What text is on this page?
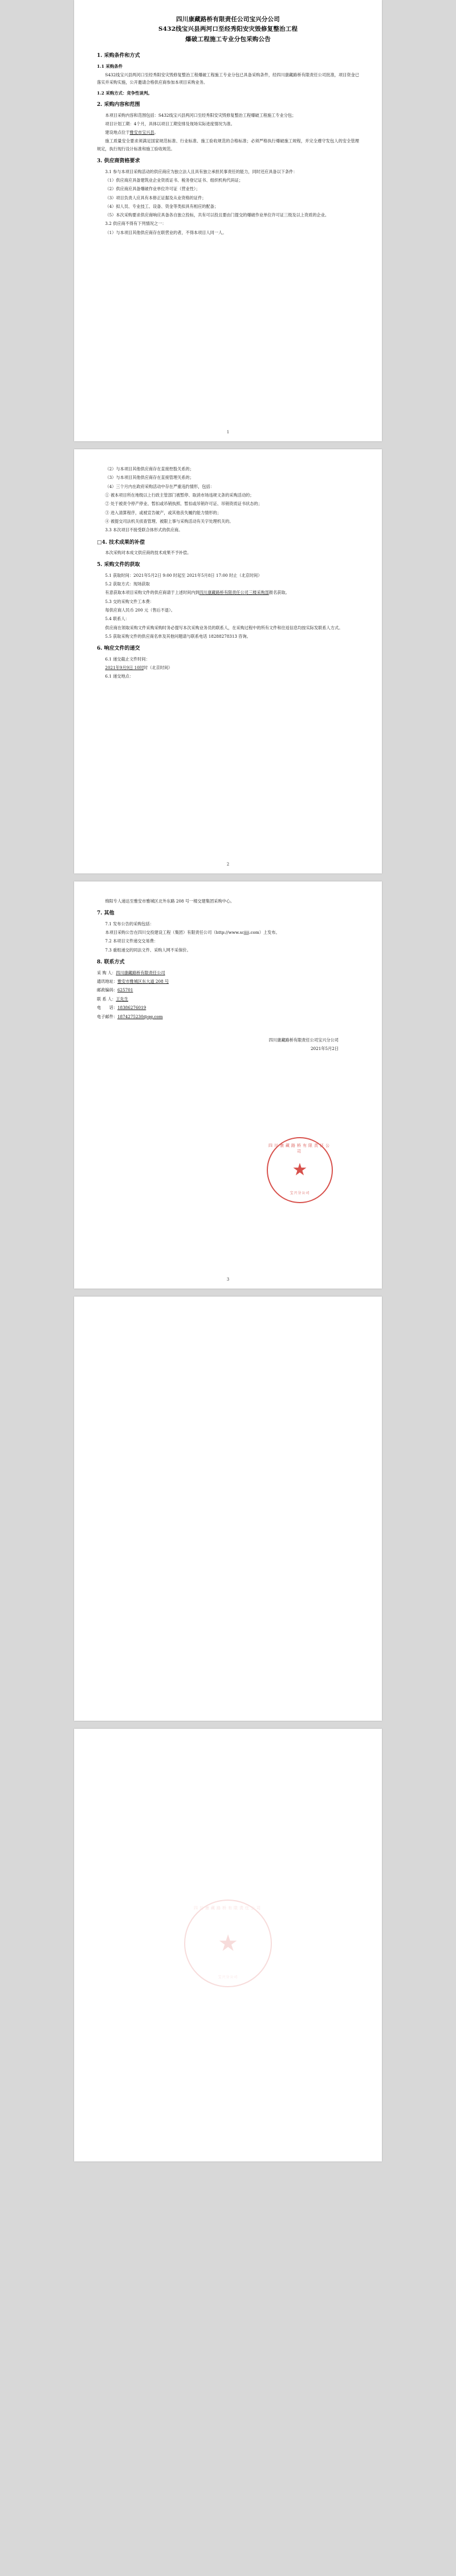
四川康藏路桥有限责任公司宝兴分公司
S432线宝兴县两河口至经秀阳安灾毁修复整治工程
爆破工程施工专业分包采购公告
1. 采购条件和方式
1.1 采购条件

S432线宝兴县两河口至经秀阳安灾毁修复整治工程爆破工程施工专业分包已具备采购条件，经四川康藏路桥有限责任公司批准，项目资金已落实并采购实施，公开邀请合格供应商参加本项目采购业务。

1.2 采购方式：竞争性谈判。
2. 采购内容和范围

本项目采购内容和范围包括：S432线宝兴县两河口至经秀阳安灾毁修复整治工程爆破工程施工专业分包；

项目计划工期：4个月，具体以项目工期安排及现场实际进度情况为准。

建设地点位于雅安市宝兴县。

施工质量安全要求须满足国家规范标准、行业标准、施工验收规范的合格标准；必须严格执行爆破施工规程，并完全遵守发包人的安全管理规定，执行现行设计标准和施工验收规范。

3. 供应商资格要求

3.1 参与本项目采购活动的供应商应为独立法人且具有独立承担民事责任的能力，同时还应具备以下条件：

（1）供应商应具备建筑业企业资质证书、税务登记证书、组织机构代码证；

（2）供应商应具备爆破作业单位许可证（营业性）；

（3）项目负责人应具有本修正证据及从业资格的证件；

（4）拟人员、专业技工、设备、资金等类拟具有相应的配备；

（5）本次采购要求供应商响应具备各自独立投标，共有可以投且要由门提交的爆破作业单位许可证三级及以上资质的企业。

3.2 供应商不得有下列情况之一：

（1）与本项目其他供应商存在联营业的者，不得本项目人同一人。

1

（2）与本项目其他供应商存在直接控股关系的；

（3）与本项目其他供应商存在直接管理关系的；

（4）三个月内在政府采购活动中存在严重违约情形，包括：

① 被本项目所在地级以上行政主管部门被暂停、取消市场违规文条的采购活动的；

② 处于被责令停产停业、暂扣或吊销执照、暂扣或吊销许可证、吊销资质证书状态的；

③ 进入清算程序，或被宣告破产，或其他丧失履约能力情形的；

④ 被提交司法机关侦查管理、被限上事与采购活动有关字处理机关的。

3.3 本次项目不接受联合体形式的供应商。

□4. 技术成果的补偿

本次采购对本成文供应商的技术成果不予补偿。

5. 采购文件的获取

5.1 获取时间：2021年5月2日 9:00 时起至 2021年5月8日 17:00 时止（北京时间）

5.2 获取方式：现场获取

有意获取本项目采购文件的供应商请于上述时间内到四川康藏路桥有限责任公司三楼采购部报名获取。

5.3 交的采购文件工本费：

每供应商人民币 200 元（售后不退）。

5.4 联系人：

供应商在领取采购文件采购采购时务必提写本次采购业务员的联系人，在采购过程中的所有文件和往返信息均按实际发联系人方式。

5.5 获取采购文件的供应商名单及其他问题请与联系电话 18288278313 咨询。

6. 响应文件的递交

6.1 递交截止文件时间：

2021年9月9日 10时时（北京时间）

6.1 递交地点：

2

绵阳专人递达至雅安市雅城区北外东路 208 号一楼交建集团采购中心。

7. 其他

7.1 发布公告的采购包括：

本项目采购公告在四川交投建设工程（集团）有限责任公司（http://www.scjjjj.com）上发布。

7.2 本项目文件递交交易费：

7.3 重组递交的同法文件、采购人网不采保价。

8. 联系方式
采 购 人：四川康藏路桥有限责任公司
通讯地址：雅安市雅城区东大道 208 号
邮政编码：625701
联 系 人：王先生
电　　话：18386276019
电子邮件：1874275230@qq.com
四川康藏路桥有限责任公司
★
宝兴分公司
四川康藏路桥有限责任公司宝兴分公司
2021年5月2日
3
四川康藏路桥有限责任公司
★
宝兴分公司
